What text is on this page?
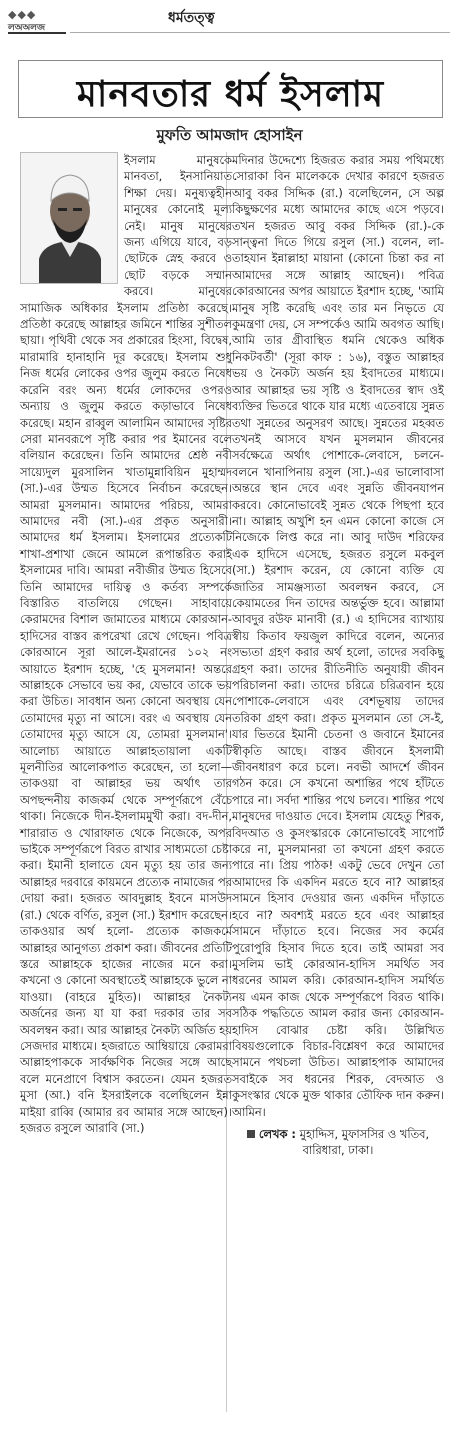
◆◆◆
লঅঅলজ
ধর্মতত্ত্ব
মানবতার ধর্ম ইসলাম
মুফতি আমজাদ হোসাইন

ইসলাম মানুষকে মানবতা, ইনসানিয়াত শিক্ষা দেয়। মনুষ্যত্বহীন মানুষের কোনোই মূল্য নেই। মানুষ মানুষের জন্য এগিয়ে যাবে, বড় ছোটকে স্নেহ করবে ও ছোট বড়কে সম্মান করবে। মানুষের সামাজিক অধিকার ইসলাম প্রতিষ্ঠা করেছে। প্রতিষ্ঠা করেছে আল্লাহর জমিনে শান্তির সুশীতল ছায়া। পৃথিবী থেকে সব প্রকারের হিংসা, বিদ্বেষ, মারামারি হানাহানি দূর করেছে। ইসলাম শুধু নিজ ধর্মের লোকের ওপর জুলুম করতে নিষেধ করেনি বরং অন্য ধর্মের লোকদের ওপরও অন্যায় ও জুলুম করতে কড়াভাবে নিষেধ করেছে। মহান রাব্বুল আলামিন আমাদের সৃষ্টির সেরা মানবরূপে সৃষ্টি করার পর ইমানের বলে বলিয়ান করেছেন। তিনি আমাদের শ্রেষ্ঠ নবী সায়্যেদুল মুরসালিন খাতামুন্নাবিয়িন মুহাম্মদ (সা.)-এর উম্মত হিসেবে নির্বাচন করেছেন। আমরা মুসলমান। আমাদের পরিচয়, আমরা আমাদের নবী (সা.)-এর প্রকৃত অনুসারী। আমাদের ধর্ম ইসলাম। ইসলামের প্রত্যেকটি শাখা-প্রশাখা জেনে আমলে রূপান্তরিত করাই ইসলামের দাবি। আমরা নবীজীর উম্মত হিসেবে তিনি আমাদের দায়িত্ব ও কর্তব্য সম্পর্কে বিস্তারিত বাতলিয়ে গেছেন। সাহাবায়ে কেরামদের বিশাল জামাতের মাধ্যমে কোরআন-হাদিসের বাস্তব রূপরেখা রেখে গেছেন। পবিত্র কোরআনে সূরা আলে-ইমরানের ১০২ নং আয়াতে ইরশাদ হচ্ছে, 'হে মুসলমান! অন্তরে আল্লাহকে সেভাবে ভয় কর, যেভাবে তাকে ভয় করা উচিত। সাবধান অন্য কোনো অবস্থায় যেন তোমাদের মৃত্যু না আসে। বরং এ অবস্থায় যেন তোমাদের মৃত্যু আসে যে, তোমরা মুসলমান'। আলোচ্য আয়াতে আল্লাহতায়ালা একটি মূলনীতির আলোকপাত করেছেন, তা হলো— তাকওয়া বা আল্লাহর ভয় অর্থাৎ তার অপছন্দনীয় কাজকর্ম থেকে সম্পূর্ণরূপে বেঁচে থাকা। নিজেকে দীন-ইসলামমুখী করা। বদ-দীন, শারারাত ও খোরাফাত থেকে নিজেকে, অপর ভাইকে সম্পূর্ণরূপে বিরত রাখার সাধ্যমতো চেষ্টা করা। ইমানী হালাতে যেন মৃত্যু হয় তার জন্য আল্লাহর দরবারে কায়মনে প্রত্যেক নামাজের পর দোয়া করা। হজরত আবদুল্লাহ ইবনে মাসউদ (রা.) থেকে বর্ণিত, রসুল (সা.) ইরশাদ করেছেন। তাকওয়ার অর্থ হলো- প্রত্যেক কাজকর্মে আল্লাহর আনুগত্য প্রকাশ করা। জীবনের প্রতিটি স্তরে আল্লাহকে হাজের নাজের মনে করা। কখনো ও কোনো অবস্থাতেই আল্লাহকে ভুলে না যাওয়া। (বাহরে মুহিত)। আল্লাহর নৈকট্য অর্জনের জন্য যা যা করা দরকার তার সব অবলম্বন করা। আর আল্লাহর নৈকট্য অর্জিত হয় সেজদার মাধ্যমে। হজরাতে আম্বিয়ায়ে কেরামরা আল্লাহপাককে সার্বক্ষণিক নিজের সঙ্গে আছে বলে মনেপ্রাণে বিশ্বাস করতেন। যেমন হজরত মুসা (আ.) বনি ইসরাইলকে বলেছিলেন ইন্না মাইয়া রাব্বি (আমার রব আমার সঙ্গে আছেন)। হজরত রসুলে আরাবি (সা.)

মদিনার উদ্দেশ্যে হিজরত করার সময় পথিমধ্যে সোরাকা বিন মালেককে দেখার কারণে হজরত আবু বকর সিদ্দিক (রা.) বলেছিলেন, সে অল্প কিছুক্ষণের মধ্যে আমাদের কাছে এসে পড়বে। তখন হজরত আবু বকর সিদ্দিক (রা.)-কে সান্ত্বনা দিতে গিয়ে রসুল (সা.) বলেন, লা-তাহযান ইন্নাল্লাহা মায়ানা (কোনো চিন্তা কর না আমাদের সঙ্গে আল্লাহ আছেন)। পবিত্র কোরআনের অপর আয়াতে ইরশাদ হচ্ছে, 'আমি মানুষ সৃষ্টি করেছি এবং তার মন নিভৃতে যে কুমন্ত্রণা দেয়, সে সম্পর্কেও আমি অবগত আছি। আমি তার গ্রীবাস্থিত ধমনি থেকেও অধিক নিকটবর্তী' (সূরা কাফ : ১৬), বস্তুত আল্লাহর ভয় ও নৈকট্য অর্জন হয় ইবাদতের মাধ্যমে। আর আল্লাহর ভয় সৃষ্টি ও ইবাদতের স্বাদ ওই ব্যক্তির ভিতরে থাকে যার মধ্যে এতেবায়ে সুন্নত তথা সুন্নতের অনুসরণ আছে। সুন্নতের মহব্বত তখনই আসবে যখন মুসলমান জীবনের সর্বক্ষেত্রে অর্থাৎ পোশাকে-লেবাসে, চলনে-বলনে খানাপিনায় রসুল (সা.)-এর ভালোবাসা অন্তরে স্থান দেবে এবং সুন্নতি জীবনযাপন করবে। কোনোভাবেই সুন্নত থেকে পিছপা হবে না। আল্লাহ অখুশি হন এমন কোনো কাজে সে নিজেকে লিপ্ত করে না। আবু দাউদ শরিফের এক হাদিসে এসেছে, হজরত রসুলে মকবুল (সা.) ইরশাদ করেন, যে কোনো ব্যক্তি যে জাতির সামঞ্জস্যতা অবলম্বন করবে, সে কেয়ামতের দিন তাদের অন্তর্ভুক্ত হবে। আল্লামা আবদুর রউফ মানাবী (র.) এ হাদিসের ব্যাখ্যায় স্বীয় কিতাব ফয়জুল কাদিরে বলেন, অন্যের সভ্যতা গ্রহণ করার অর্থ হলো, তাদের সবকিছু গ্রহণ করা। তাদের রীতিনীতি অনুযায়ী জীবন পরিচালনা করা। তাদের চরিত্রে চরিত্রবান হয়ে পোশাকে-লেবাসে এবং বেশভূষায় তাদের তরিকা গ্রহণ করা। প্রকৃত মুসলমান তো সে-ই, যার ভিতরে ইমানী চেতনা ও জবানে ইমানের স্বীকৃতি আছে। বাস্তব জীবনে ইসলামী জীবনধারণ করে চলে। নবভী আদর্শে জীবন গঠন করে। সে কখনো অশান্তির পথে হাঁটতে পারে না। সর্বদা শান্তির পথে চলবে। শান্তির পথে মানুষদের দাওয়াত দেবে। ইসলাম যেহেতু শিরক, বিদআত ও কুসংস্কারকে কোনোভাবেই সাপোর্ট করে না, মুসলমানরা তা কখনো গ্রহণ করতে পারে না। প্রিয় পাঠক! একটু ভেবে দেখুন তো আমাদের কি একদিন মরতে হবে না? আল্লাহর সামনে হিসাব দেওয়ার জন্য একদিন দাঁড়াতে হবে না? অবশ্যই মরতে হবে এবং আল্লাহর সামনে দাঁড়াতে হবে। নিজের সব কর্মের পুরোপুরি হিসাব দিতে হবে। তাই আমরা সব মুসলিম ভাই কোরআন-হাদিস সমর্থিত সব ধরনের আমল করি। কোরআন-হাদিস সমর্থিত নয় এমন কাজ থেকে সম্পূর্ণরূপে বিরত থাকি। সঠিক পদ্ধতিতে আমল করার জন্য কোরআন-হাদিস বোঝার চেষ্টা করি। উল্লিখিত বিষয়গুলোকে বিচার-বিশ্লেষণ করে আমাদের সামনে পথচলা উচিত। আল্লাহপাক আমাদের সবাইকে সব ধরনের শিরক, বেদআত ও কুসংস্কার থেকে মুক্ত থাকার তৌফিক দান করুন। আমিন।

লেখক : মুহাদ্দিস, মুফাসসির ও খতিব, বারিধারা, ঢাকা।
